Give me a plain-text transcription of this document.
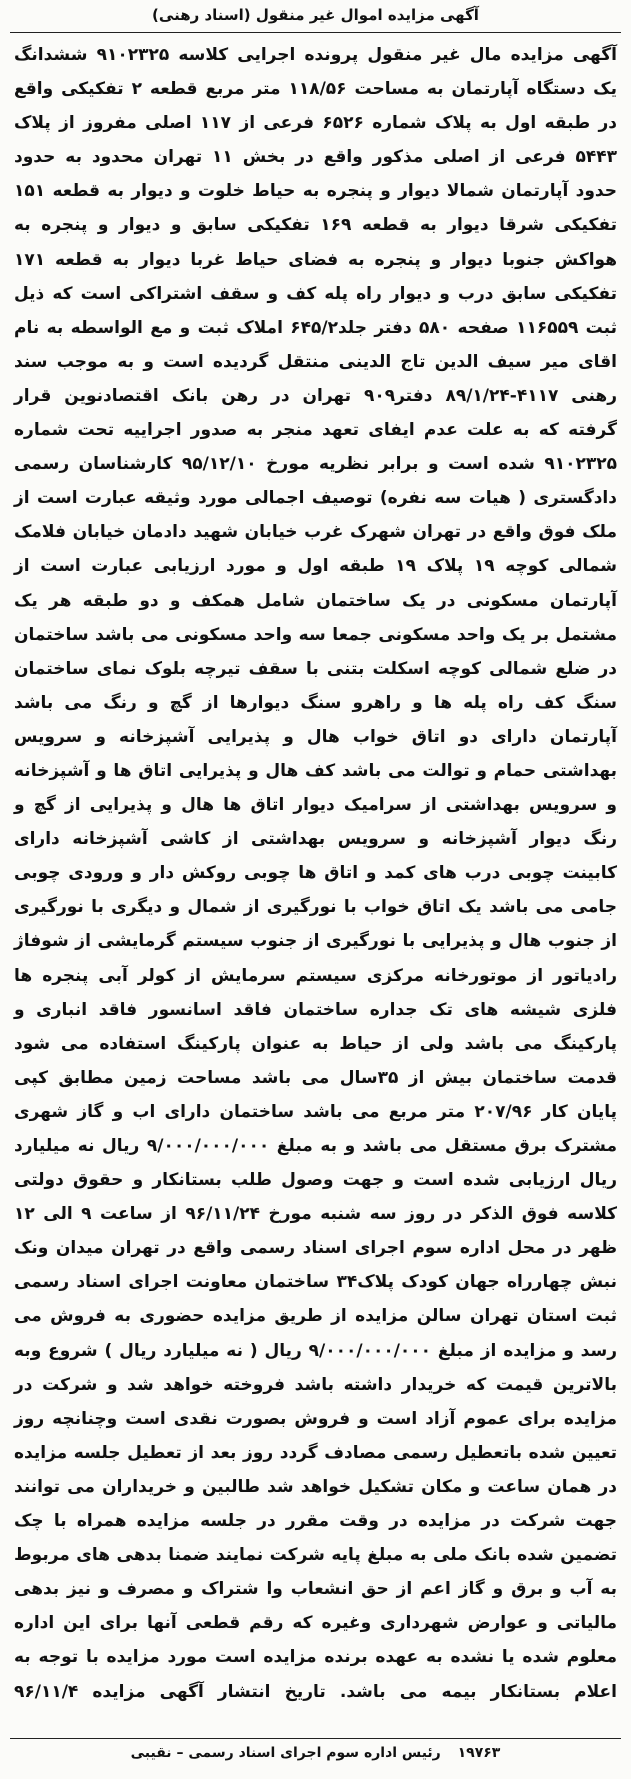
آگهی مزایده اموال غیر منقول (اسناد رهنی)
آگهی مزایده مال غیر منقول پرونده اجرایی کلاسه ۹۱۰۲۳۲۵ ششدانگ یک دستگاه آپارتمان به مساحت ۱۱۸/۵۶ متر مربع قطعه ۲ تفکیکی واقع در طبقه اول به پلاک شماره ۶۵۲۶ فرعی از ۱۱۷ اصلی مفروز از پلاک ۵۴۴۳ فرعی از اصلی مذکور واقع در بخش ۱۱ تهران محدود به حدود حدود آپارتمان شمالا دیوار و پنجره به حیاط خلوت و دیوار به قطعه ۱۵۱ تفکیکی شرقا دیوار به قطعه ۱۶۹ تفکیکی سابق و دیوار و پنجره به هواکش جنوبا دیوار و پنجره به فضای حیاط غربا دیوار به قطعه ۱۷۱ تفکیکی سابق درب و دیوار راه پله کف و سقف اشتراکی است که ذیل ثبت ۱۱۶۵۵۹ صفحه ۵۸۰ دفتر جلد۶۴۵/۲ املاک ثبت و مع الواسطه به نام اقای میر سیف الدین تاج الدینی منتقل گردیده است و به موجب سند رهنی ۴۱۱۷-۸۹/۱/۲۴ دفتر۹۰۹ تهران در رهن بانک اقتصادنوین قرار گرفته که به علت عدم ایفای تعهد منجر به صدور اجراییه تحت شماره ۹۱۰۲۳۲۵ شده است و برابر نظریه مورخ ۹۵/۱۲/۱۰ کارشناسان رسمی دادگستری ( هیات سه نفره) توصیف اجمالی مورد وثیقه عبارت است از ملک فوق واقع در تهران شهرک غرب خیابان شهید دادمان خیابان فلامک شمالی کوچه ۱۹ پلاک ۱۹ طبقه اول و مورد ارزیابی عبارت است از آپارتمان مسکونی در یک ساختمان شامل همکف و دو طبقه هر یک مشتمل بر یک واحد مسکونی جمعا سه واحد مسکونی می باشد ساختمان در ضلع شمالی کوچه اسکلت بتنی با سقف تیرچه بلوک نمای ساختمان سنگ کف راه پله ها و راهرو سنگ دیوارها از گچ و رنگ می باشد آپارتمان دارای دو اتاق خواب هال و پذیرایی آشپزخانه و سرویس بهداشتی حمام و توالت می باشد کف هال و پذیرایی اتاق ها و آشپزخانه و سرویس بهداشتی از سرامیک دیوار اتاق ها هال و پذیرایی از گچ و رنگ دیوار آشپزخانه و سرویس بهداشتی از کاشی آشپزخانه دارای کابینت چوبی درب های کمد و اتاق ها چوبی روکش دار و ورودی چوبی جامی می باشد یک اتاق خواب با نورگیری از شمال و دیگری با نورگیری از جنوب هال و پذیرایی با نورگیری از جنوب سیستم گرمایشی از شوفاژ رادیاتور از موتورخانه مرکزی سیستم سرمایش از کولر آبی پنجره ها فلزی شیشه های تک جداره ساختمان فاقد اسانسور فاقد انباری و پارکینگ می باشد ولی از حیاط به عنوان پارکینگ استفاده می شود قدمت ساختمان بیش از ۳۵سال می باشد مساحت زمین مطابق کپی پایان کار ۲۰۷/۹۶ متر مربع می باشد ساختمان دارای اب و گاز شهری مشترک برق مستقل می باشد و به مبلغ ۹/۰۰۰/۰۰۰/۰۰۰ ریال نه میلیارد ریال ارزیابی شده است و جهت وصول طلب بستانکار و حقوق دولتی کلاسه فوق الذکر در روز سه شنبه مورخ ۹۶/۱۱/۲۴ از ساعت ۹ الی ۱۲ ظهر در محل اداره سوم اجرای اسناد رسمی واقع در تهران میدان ونک نبش چهارراه جهان کودک پلاک۳۴ ساختمان معاونت اجرای اسناد رسمی ثبت استان تهران سالن مزایده از طریق مزایده حضوری به فروش می رسد و مزایده از مبلغ ۹/۰۰۰/۰۰۰/۰۰۰ ریال ( نه میلیارد ریال ) شروع وبه بالاترین قیمت که خریدار داشته باشد فروخته خواهد شد و شرکت در مزایده برای عموم آزاد است و فروش بصورت نقدی است وچنانچه روز تعیین شده باتعطیل رسمی مصادف گردد روز بعد از تعطیل جلسه مزایده در همان ساعت و مکان تشکیل خواهد شد طالبین و خریداران می توانند جهت شرکت در مزایده در وقت مقرر در جلسه مزایده همراه با چک تضمین شده بانک ملی به مبلغ پایه شرکت نمایند ضمنا بدهی های مربوط به آب و برق و گاز اعم از حق انشعاب وا شتراک و مصرف و نیز بدهی مالیاتی و عوارض شهرداری وغیره که رقم قطعی آنها برای این اداره معلوم شده یا نشده به عهده برنده مزایده است مورد مزایده با توجه به اعلام بستانکار بیمه می باشد. تاریخ انتشار آگهی مزایده ۹۶/۱۱/۴
۱۹۷۶۳ رئیس اداره سوم اجرای اسناد رسمی – نقیبی
